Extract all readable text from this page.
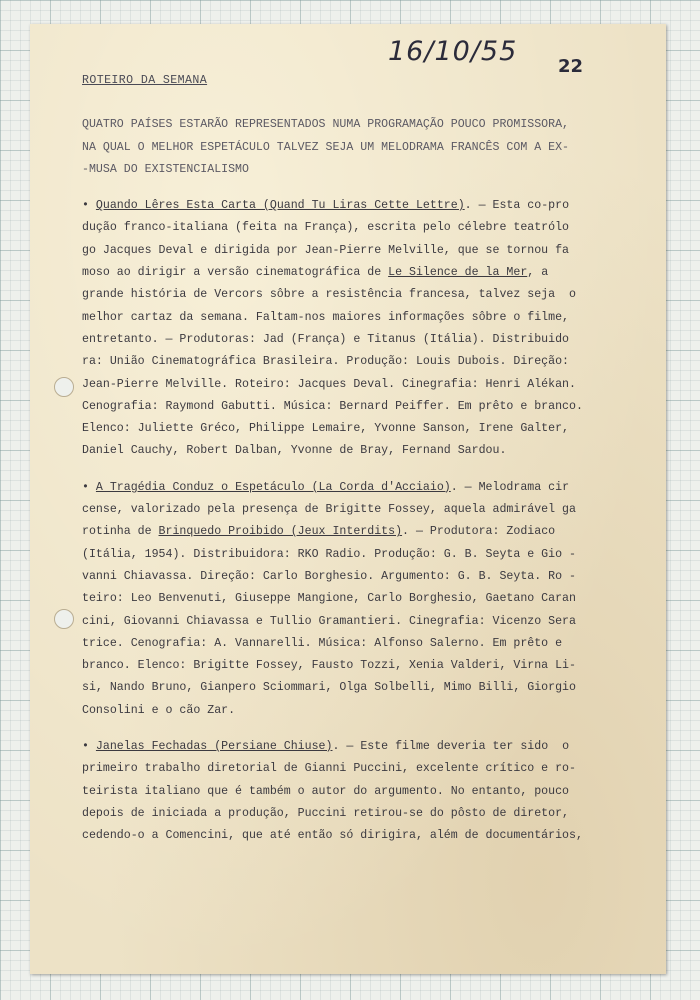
16/10/55 22
ROTEIRO DA SEMANA
QUATRO PAÍSES ESTARÃO REPRESENTADOS NUMA PROGRAMAÇÃO POUCO PROMISSORA,
NA QUAL O MELHOR ESPETÁCULO TALVEZ SEJA UM MELODRAMA FRANCÊS COM A EX-
-MUSA DO EXISTENCIALISMO
• Quando Lêres Esta Carta (Quand Tu Liras Cette Lettre). — Esta co-pro
dução franco-italiana (feita na França), escrita pelo célebre teatrólo
go Jacques Deval e dirigida por Jean-Pierre Melville, que se tornou fa
moso ao dirigir a versão cinematográfica de Le Silence de la Mer, a
grande história de Vercors sôbre a resistência francesa, talvez seja  o
melhor cartaz da semana. Faltam-nos maiores informações sôbre o filme,
entretanto. — Produtoras: Jad (França) e Titanus (Itália). Distribuido
ra: União Cinematográfica Brasileira. Produção: Louis Dubois. Direção:
Jean-Pierre Melville. Roteiro: Jacques Deval. Cinegrafia: Henri Alékan.
Cenografia: Raymond Gabutti. Música: Bernard Peiffer. Em prêto e branco.
Elenco: Juliette Gréco, Philippe Lemaire, Yvonne Sanson, Irene Galter,
Daniel Cauchy, Robert Dalban, Yvonne de Bray, Fernand Sardou.
• A Tragédia Conduz o Espetáculo (La Corda d'Acciaio). — Melodrama cir
cense, valorizado pela presença de Brigitte Fossey, aquela admirável ga
rotinha de Brinquedo Proibido (Jeux Interdits). — Produtora: Zodiaco
(Itália, 1954). Distribuidora: RKO Radio. Produção: G. B. Seyta e Gio -
vanni Chiavassa. Direção: Carlo Borghesio. Argumento: G. B. Seyta. Ro -
teiro: Leo Benvenuti, Giuseppe Mangione, Carlo Borghesio, Gaetano Caran
cini, Giovanni Chiavassa e Tullio Gramantieri. Cinegrafia: Vicenzo Sera
trice. Cenografia: A. Vannarelli. Música: Alfonso Salerno. Em prêto e
branco. Elenco: Brigitte Fossey, Fausto Tozzi, Xenia Valderi, Virna Li-
si, Nando Bruno, Gianpero Sciommari, Olga Solbelli, Mimo Billi, Giorgio
Consolini e o cão Zar.
• Janelas Fechadas (Persiane Chiuse). — Este filme deveria ter sido  o
primeiro trabalho diretorial de Gianni Puccini, excelente crítico e ro-
teirista italiano que é também o autor do argumento. No entanto, pouco
depois de iniciada a produção, Puccini retirou-se do pôsto de diretor,
cedendo-o a Comencini, que até então só dirigira, além de documentários,
